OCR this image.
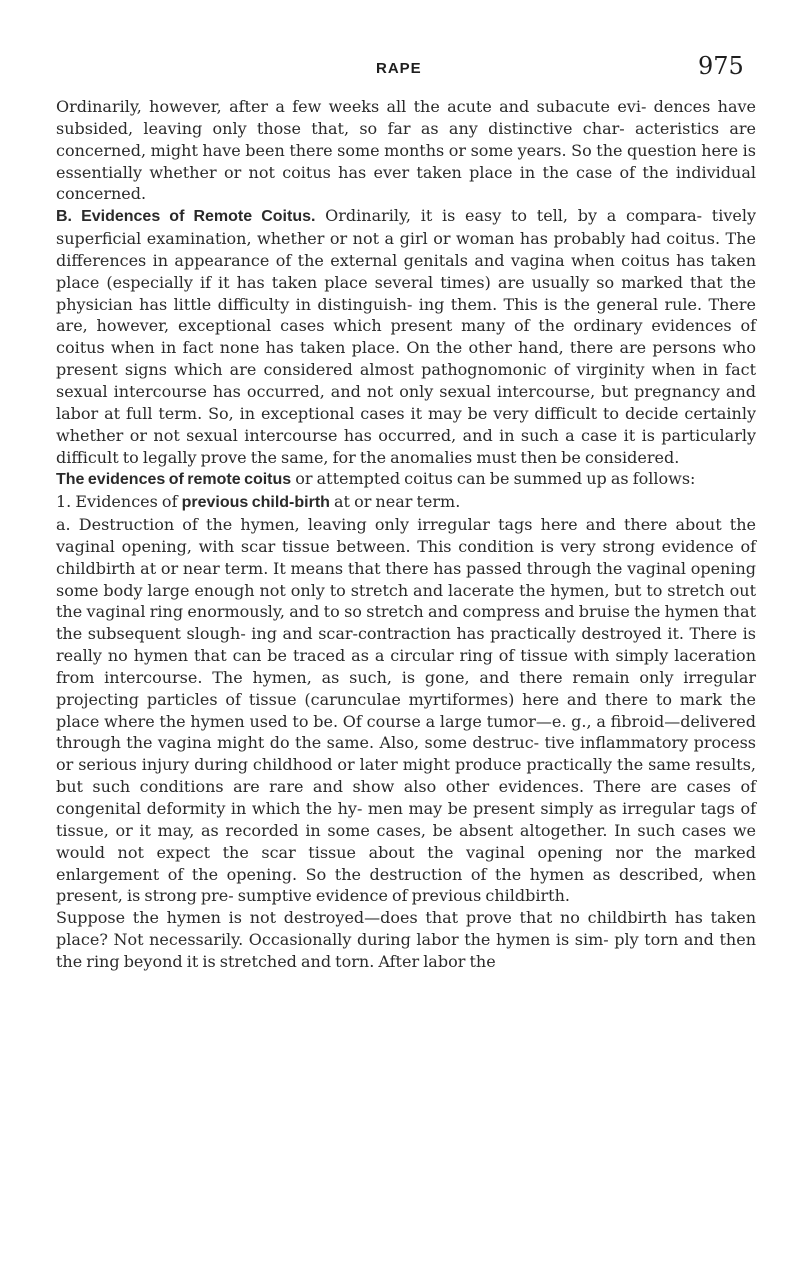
RAPE	975

Ordinarily, however, after a few weeks all the acute and subacute evi- dences have subsided, leaving only those that, so far as any distinctive char- acteristics are concerned, might have been there some months or some years. So the question here is essentially whether or not coitus has ever taken place in the case of the individual concerned.

B. Evidences of Remote Coitus. Ordinarily, it is easy to tell, by a compara- tively superficial examination, whether or not a girl or woman has probably had coitus. The differences in appearance of the external genitals and vagina when coitus has taken place (especially if it has taken place several times) are usually so marked that the physician has little difficulty in distinguish- ing them. This is the general rule. There are, however, exceptional cases which present many of the ordinary evidences of coitus when in fact none has taken place. On the other hand, there are persons who present signs which are considered almost pathognomonic of virginity when in fact sexual intercourse has occurred, and not only sexual intercourse, but pregnancy and labor at full term. So, in exceptional cases it may be very difficult to decide certainly whether or not sexual intercourse has occurred, and in such a case it is particularly difficult to legally prove the same, for the anomalies must then be considered.

The evidences of remote coitus or attempted coitus can be summed up as follows:

1. Evidences of previous child-birth at or near term.

a. Destruction of the hymen, leaving only irregular tags here and there about the vaginal opening, with scar tissue between. This condition is very strong evidence of childbirth at or near term. It means that there has passed through the vaginal opening some body large enough not only to stretch and lacerate the hymen, but to stretch out the vaginal ring enormously, and to so stretch and compress and bruise the hymen that the subsequent slough- ing and scar-contraction has practically destroyed it. There is really no hymen that can be traced as a circular ring of tissue with simply laceration from intercourse. The hymen, as such, is gone, and there remain only irregular projecting particles of tissue (carunculae myrtiformes) here and there to mark the place where the hymen used to be. Of course a large tumor—e. g., a fibroid—delivered through the vagina might do the same. Also, some destruc- tive inflammatory process or serious injury during childhood or later might produce practically the same results, but such conditions are rare and show also other evidences. There are cases of congenital deformity in which the hy- men may be present simply as irregular tags of tissue, or it may, as recorded in some cases, be absent altogether. In such cases we would not expect the scar tissue about the vaginal opening nor the marked enlargement of the opening. So the destruction of the hymen as described, when present, is strong pre- sumptive evidence of previous childbirth.

Suppose the hymen is not destroyed—does that prove that no childbirth has taken place? Not necessarily. Occasionally during labor the hymen is sim- ply torn and then the ring beyond it is stretched and torn. After labor the
